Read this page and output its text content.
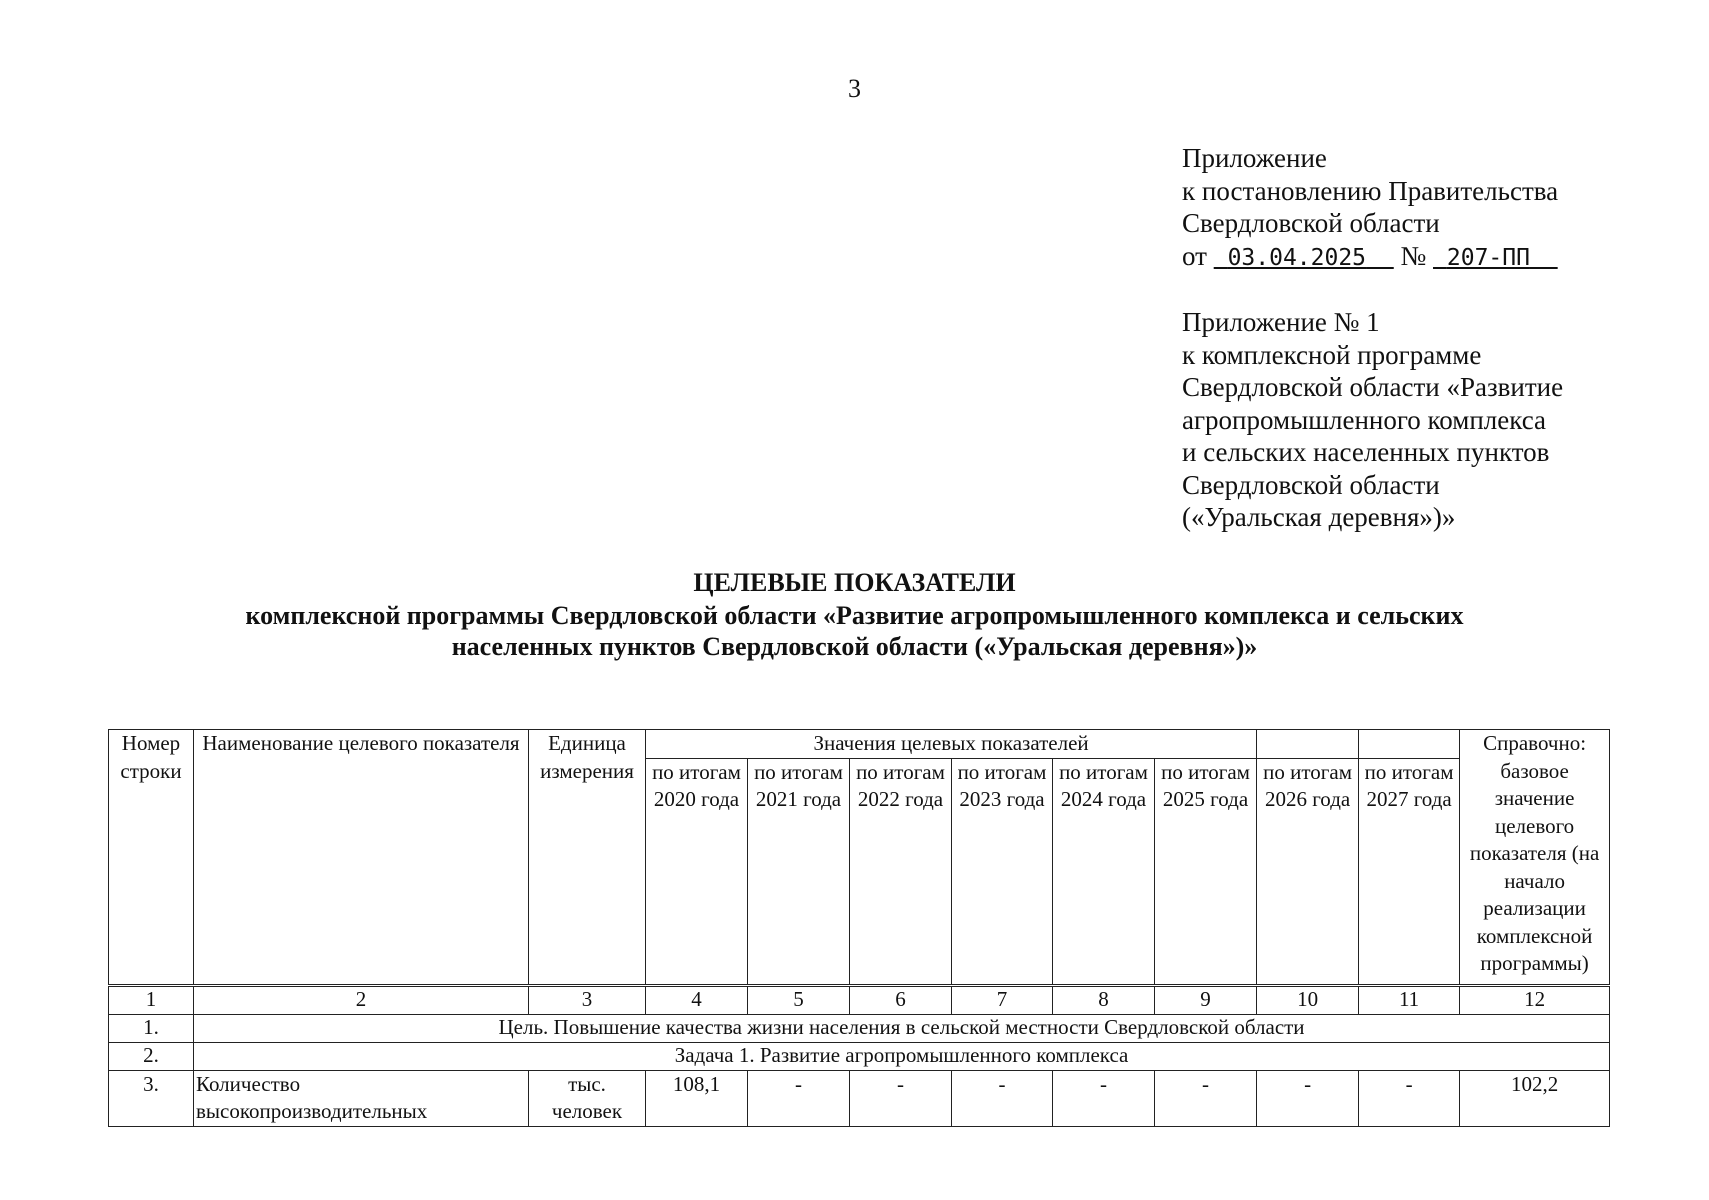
3
Приложение
к постановлению Правительства
Свердловской области
от 03.04.2025 № 207-ПП
Приложение № 1
к комплексной программе
Свердловской области «Развитие
агропромышленного комплекса
и сельских населенных пунктов
Свердловской области
(«Уральская деревня»)»
ЦЕЛЕВЫЕ ПОКАЗАТЕЛИ
комплексной программы Свердловской области «Развитие агропромышленного комплекса и сельских
населенных пунктов Свердловской области («Уральская деревня»)»
Номер строки	Наименование целевого показателя	Единица измерения	Значения целевых показателей								Справочно: базовое значение целевого показателя (на начало реализации комплексной программы)
			по итогам 2020 года	по итогам 2021 года	по итогам 2022 года	по итогам 2023 года	по итогам 2024 года	по итогам 2025 года	по итогам 2026 года	по итогам 2027 года	
1	2	3	4	5	6	7	8	9	10	11	12
1.	Цель. Повышение качества жизни населения в сельской местности Свердловской области										
2.	Задача 1. Развитие агропромышленного комплекса										
3.	Количество высокопроизводительных	тыс. человек	108,1	-	-	-	-	-	-	-	102,2
